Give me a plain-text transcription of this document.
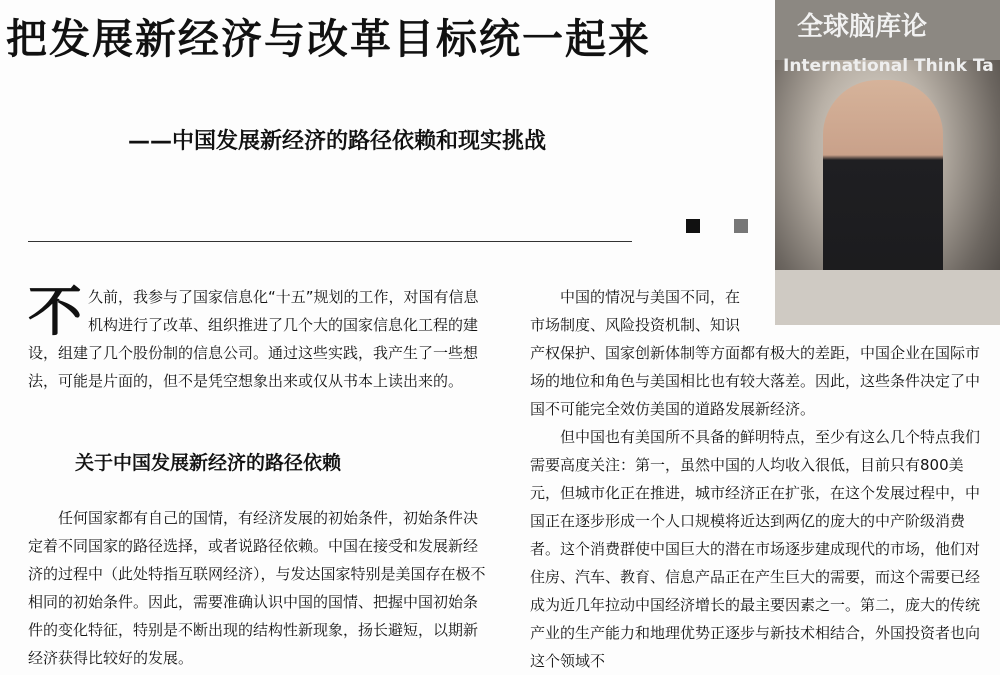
把发展新经济与改革目标统一起来
——中国发展新经济的路径依赖和现实挑战
全球脑库论
International Think Ta
不 久前，我参与了国家信息化“十五”规划的工作，对国有信息机构进行了改革、组织推进了几个大的国家信息化工程的建设，组建了几个股份制的信息公司。通过这些实践，我产生了一些想法，可能是片面的，但不是凭空想象出来或仅从书本上读出来的。

关于中国发展新经济的路径依赖

任何国家都有自己的国情，有经济发展的初始条件，初始条件决定着不同国家的路径选择，或者说路径依赖。中国在接受和发展新经济的过程中（此处特指互联网经济），与发达国家特别是美国存在极不相同的初始条件。因此，需要准确认识中国的国情、把握中国初始条件的变化特征，特别是不断出现的结构性新现象，扬长避短，以期新经济获得比较好的发展。

中国的情况与美国不同，在

市场制度、风险投资机制、知识

产权保护、国家创新体制等方面都有极大的差距，中国企业在国际市场的地位和角色与美国相比也有较大落差。因此，这些条件决定了中国不可能完全效仿美国的道路发展新经济。

但中国也有美国所不具备的鲜明特点，至少有这么几个特点我们需要高度关注：第一，虽然中国的人均收入很低，目前只有800美元，但城市化正在推进，城市经济正在扩张，在这个发展过程中，中国正在逐步形成一个人口规模将近达到两亿的庞大的中产阶级消费者。这个消费群使中国巨大的潜在市场逐步建成现代的市场，他们对住房、汽车、教育、信息产品正在产生巨大的需要，而这个需要已经成为近几年拉动中国经济增长的最主要因素之一。第二，庞大的传统产业的生产能力和地理优势正逐步与新技术相结合，外国投资者也向这个领域不
